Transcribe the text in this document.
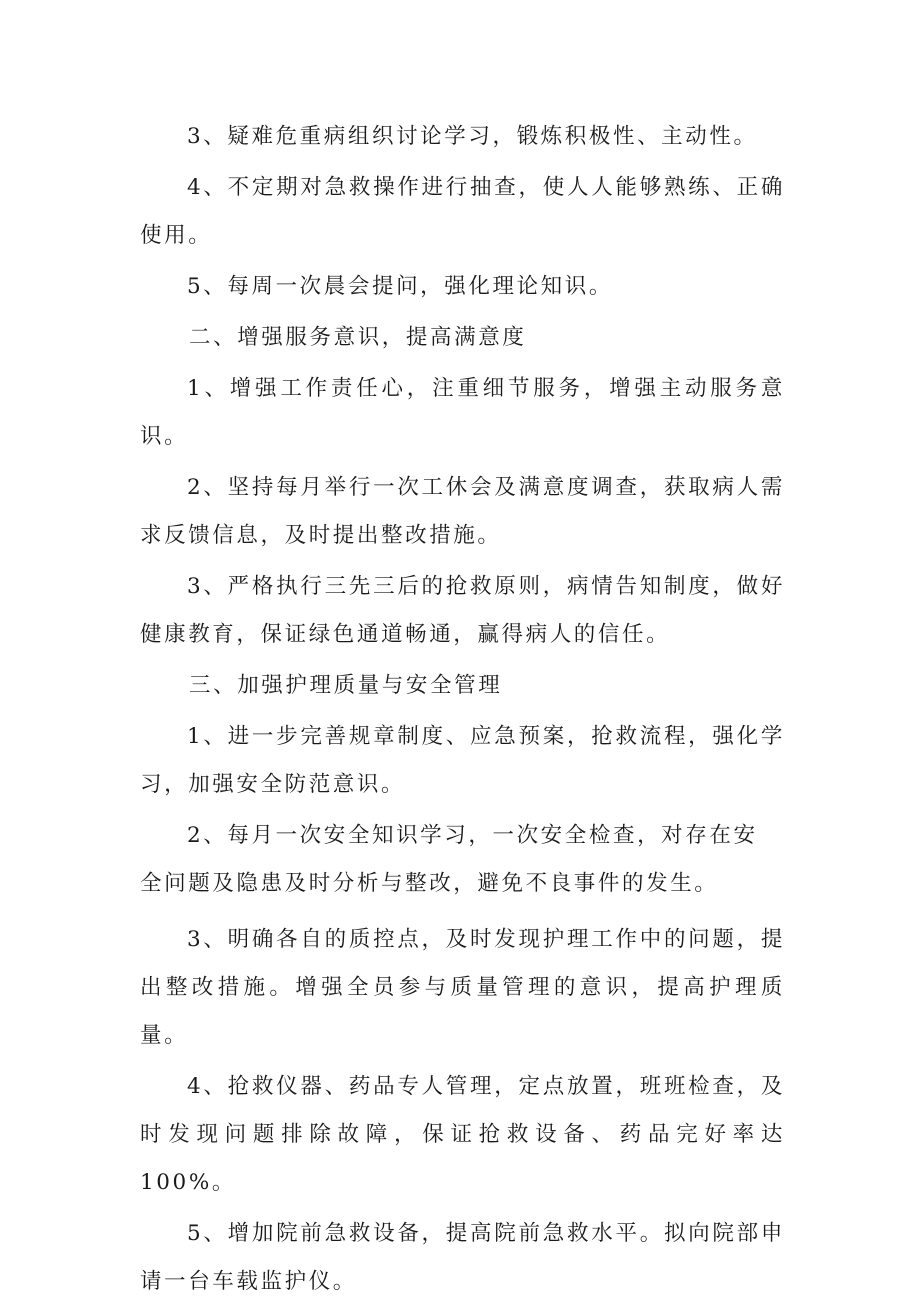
3、疑难危重病组织讨论学习，锻炼积极性、主动性。

4、不定期对急救操作进行抽查，使人人能够熟练、正确使用。

5、每周一次晨会提问，强化理论知识。

二、增强服务意识，提高满意度

1、增强工作责任心，注重细节服务，增强主动服务意识。

2、坚持每月举行一次工休会及满意度调查，获取病人需求反馈信息，及时提出整改措施。

3、严格执行三先三后的抢救原则，病情告知制度，做好健康教育，保证绿色通道畅通，赢得病人的信任。

三、加强护理质量与安全管理

1、进一步完善规章制度、应急预案，抢救流程，强化学习，加强安全防范意识。

2、每月一次安全知识学习，一次安全检查，对存在安

全问题及隐患及时分析与整改，避免不良事件的发生。

3、明确各自的质控点，及时发现护理工作中的问题，提出整改措施。增强全员参与质量管理的意识，提高护理质量。

4、抢救仪器、药品专人管理，定点放置，班班检查，及时发现问题排除故障，保证抢救设备、药品完好率达100%。

5、增加院前急救设备，提高院前急救水平。拟向院部申请一台车载监护仪。
